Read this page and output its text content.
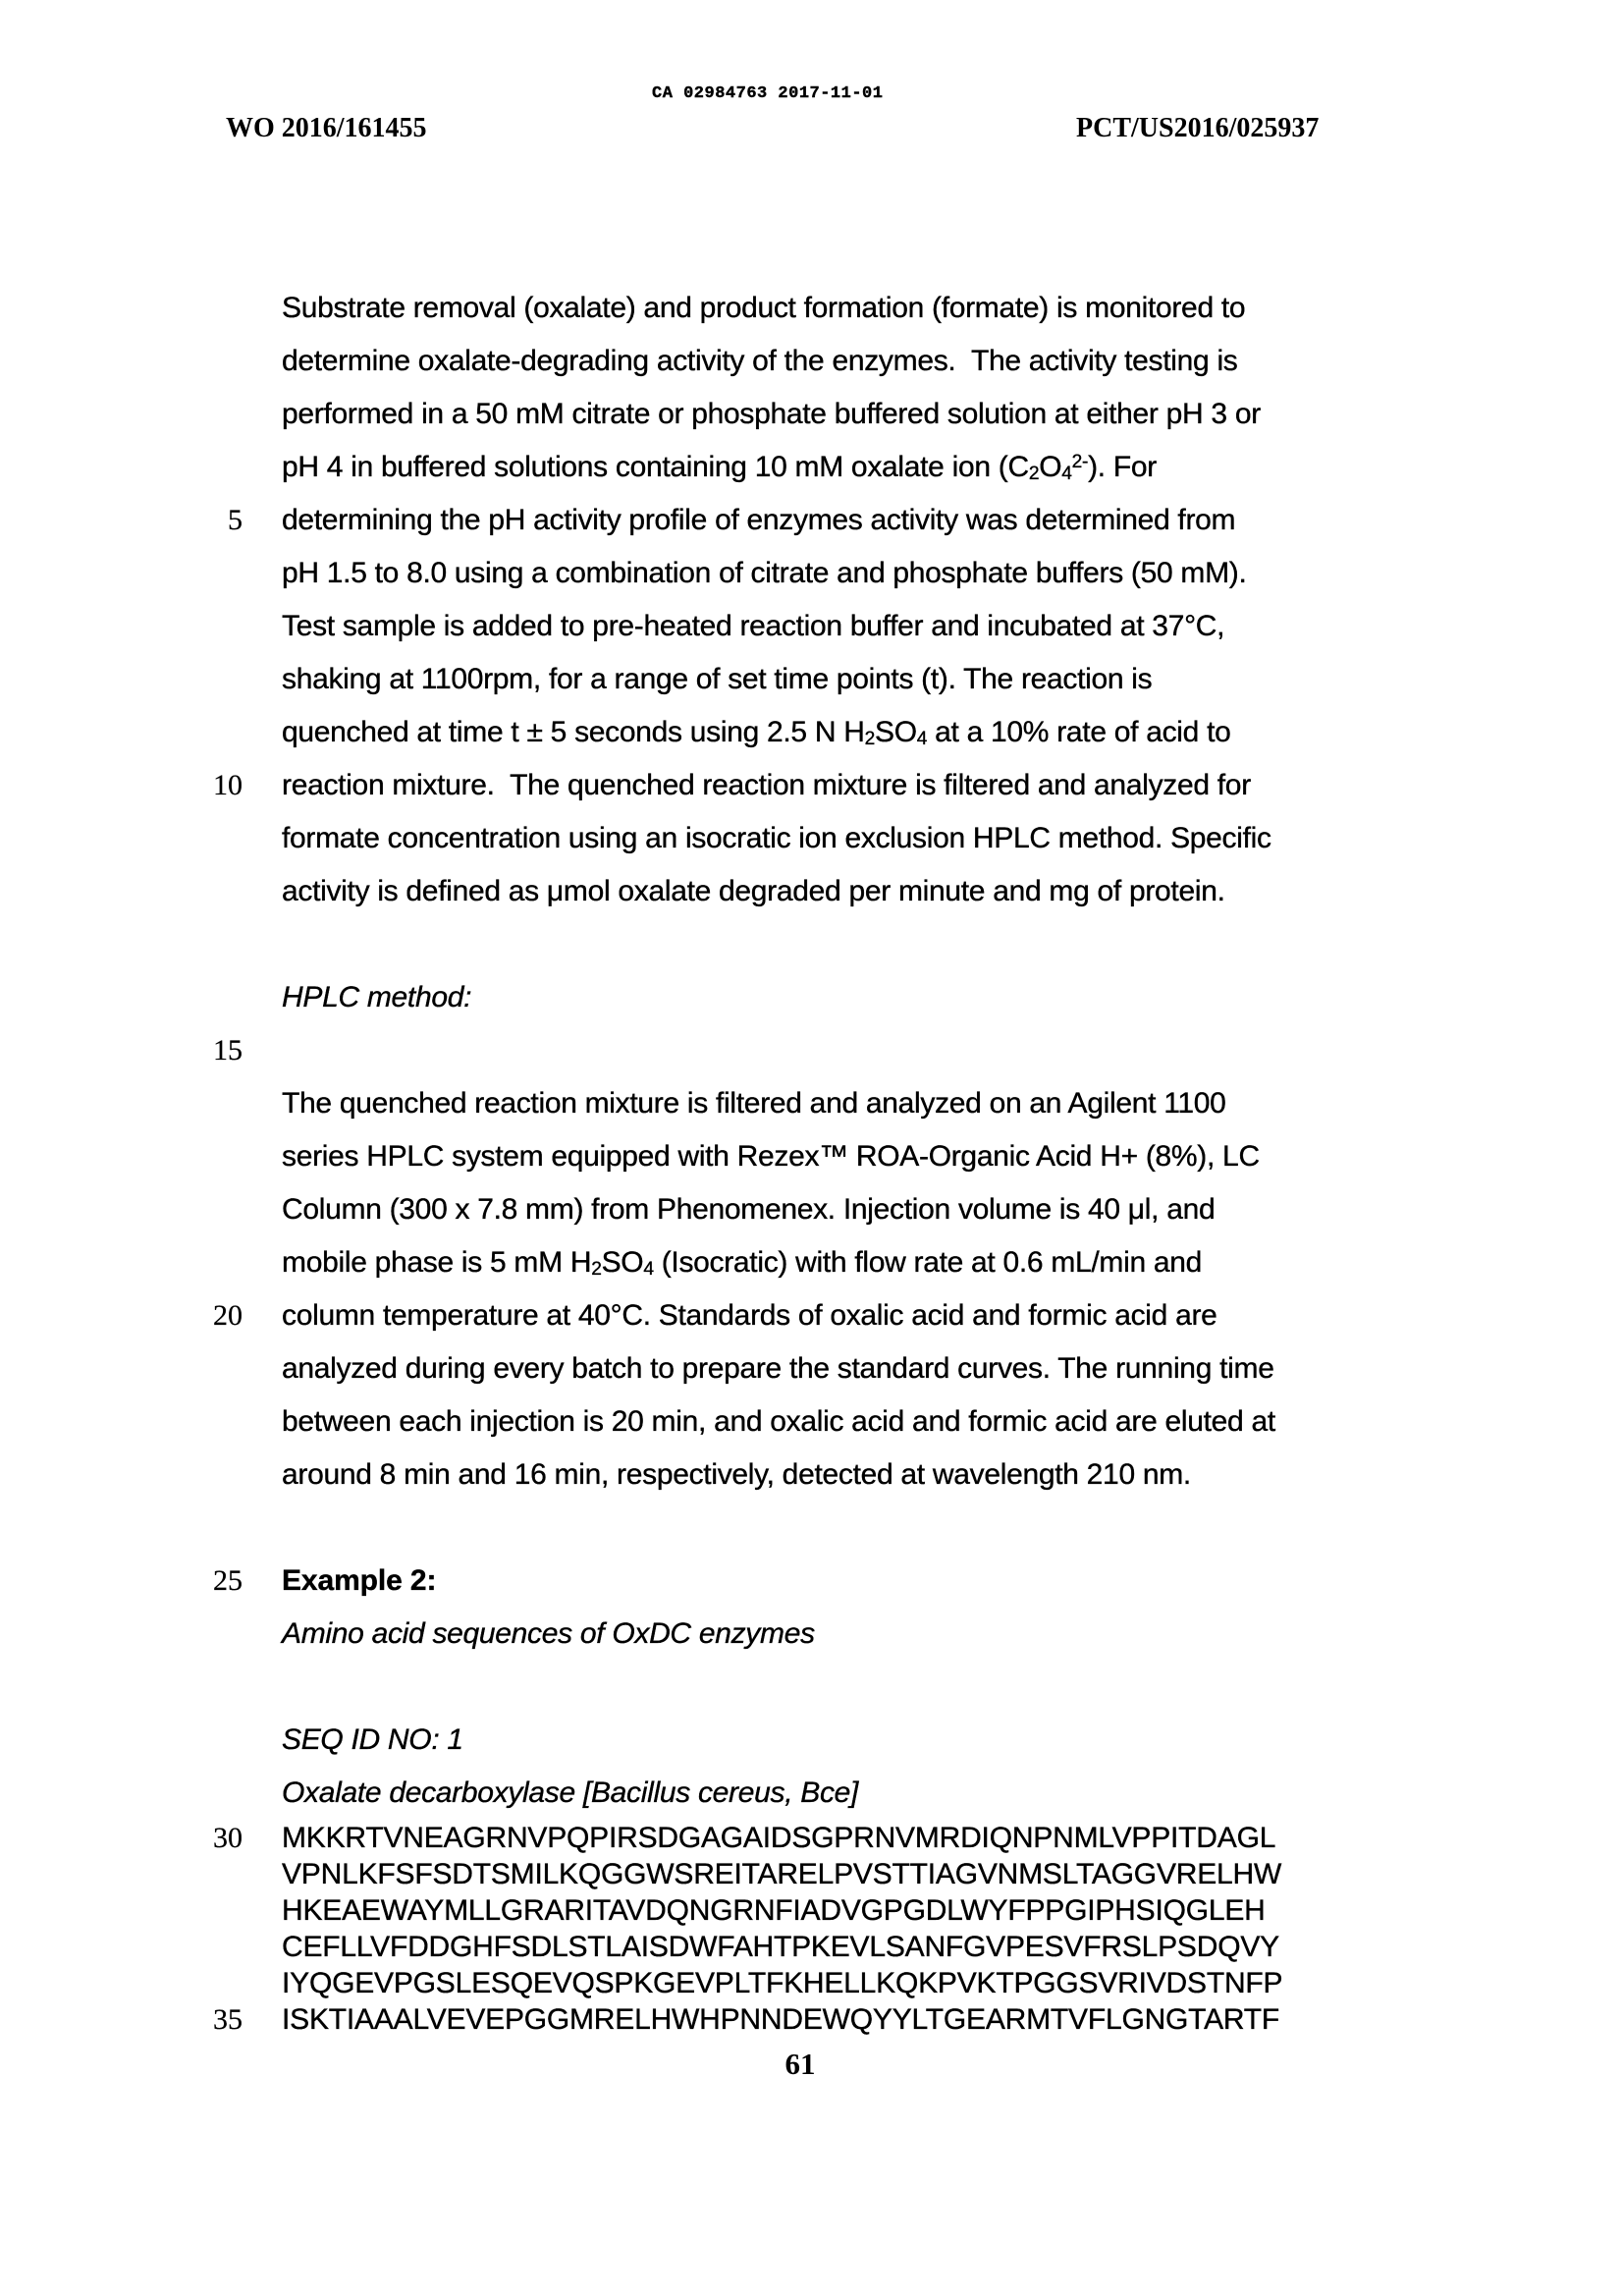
CA 02984763 2017-11-01
WO 2016/161455	PCT/US2016/025937
Substrate removal (oxalate) and product formation (formate) is monitored to
determine oxalate-degrading activity of the enzymes.  The activity testing is
performed in a 50 mM citrate or phosphate buffered solution at either pH 3 or
pH 4 in buffered solutions containing 10 mM oxalate ion $(C_2O_4^{2-})$. For
5	determining the pH activity profile of enzymes activity was determined from
pH 1.5 to 8.0 using a combination of citrate and phosphate buffers (50 mM).
Test sample is added to pre-heated reaction buffer and incubated at 37°C,
shaking at 1100rpm, for a range of set time points (t). The reaction is
quenched at time t ± 5 seconds using 2.5 N $H_2SO_4$ at a 10% rate of acid to
10	reaction mixture.  The quenched reaction mixture is filtered and analyzed for
formate concentration using an isocratic ion exclusion HPLC method. Specific
activity is defined as μmol oxalate degraded per minute and mg of protein.
HPLC method:
15
The quenched reaction mixture is filtered and analyzed on an Agilent 1100
series HPLC system equipped with Rezex™ ROA-Organic Acid H+ (8%), LC
Column (300 x 7.8 mm) from Phenomenex. Injection volume is 40 μl, and
mobile phase is 5 mM $H_2SO_4$ (Isocratic) with flow rate at 0.6 mL/min and
20	column temperature at 40°C. Standards of oxalic acid and formic acid are
analyzed during every batch to prepare the standard curves. The running time
between each injection is 20 min, and oxalic acid and formic acid are eluted at
around 8 min and 16 min, respectively, detected at wavelength 210 nm.
25	Example 2:
Amino acid sequences of OxDC enzymes
SEQ ID NO: 1
Oxalate decarboxylase [Bacillus cereus, Bce]
30	MKKRTVNEAGRNVPQPIRSDGAGAIDSGPRNVMRDIQNPNMLVPPITDAGL
VPNLKFSFSDTSMILKQGGWSREITARELPVSTTIAGVNMSLTAGGVRELHW
HKEAEWAYMLLGRARITAVDQNGRNFIADVGPGDLWYFPPGIPHSIQGLEH
CEFLLVFDDGHFSDLSTLAISDWFAHTPKEVLSANFGVPESVFRSLPSDQVY
IYQGEVPGSLESQEVQSPKGEVPLTFKHELLKQKPVKTPGGSVRIVDSTNFP
35	ISKTIAAALVEVEPGGMRELHWHPNNDEWQYYLTGEARMTVFLGNGTARTF
61
